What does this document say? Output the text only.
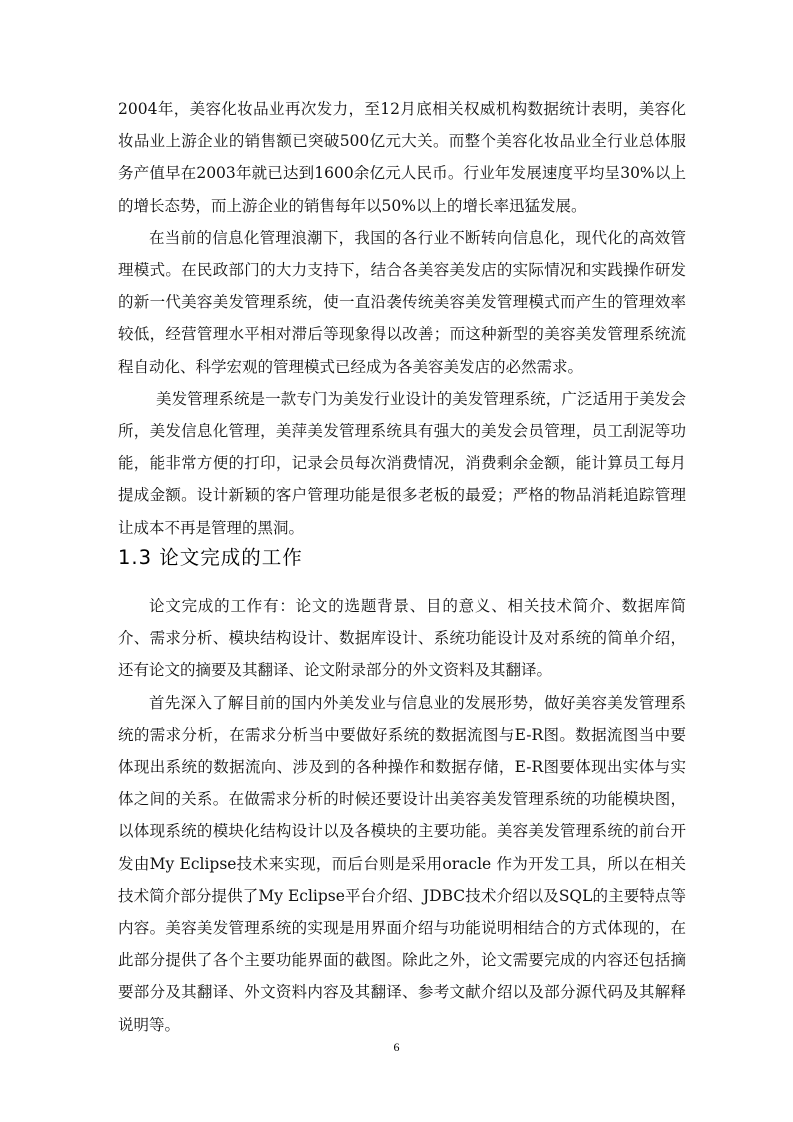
2004年，美容化妆品业再次发力，至12月底相关权威机构数据统计表明，美容化妆品业上游企业的销售额已突破500亿元大关。而整个美容化妆品业全行业总体服务产值早在2003年就已达到1600余亿元人民币。行业年发展速度平均呈30%以上的增长态势，而上游企业的销售每年以50%以上的增长率迅猛发展。

在当前的信息化管理浪潮下，我国的各行业不断转向信息化，现代化的高效管理模式。在民政部门的大力支持下，结合各美容美发店的实际情况和实践操作研发的新一代美容美发管理系统，使一直沿袭传统美容美发管理模式而产生的管理效率较低，经营管理水平相对滞后等现象得以改善；而这种新型的美容美发管理系统流程自动化、科学宏观的管理模式已经成为各美容美发店的必然需求。

美发管理系统是一款专门为美发行业设计的美发管理系统，广泛适用于美发会所，美发信息化管理，美萍美发管理系统具有强大的美发会员管理，员工刮泥等功能，能非常方便的打印，记录会员每次消费情况，消费剩余金额，能计算员工每月提成金额。设计新颖的客户管理功能是很多老板的最爱；严格的物品消耗追踪管理让成本不再是管理的黑洞。

1.3 论文完成的工作

论文完成的工作有：论文的选题背景、目的意义、相关技术简介、数据库简介、需求分析、模块结构设计、数据库设计、系统功能设计及对系统的简单介绍，还有论文的摘要及其翻译、论文附录部分的外文资料及其翻译。

首先深入了解目前的国内外美发业与信息业的发展形势，做好美容美发管理系统的需求分析，在需求分析当中要做好系统的数据流图与E-R图。数据流图当中要体现出系统的数据流向、涉及到的各种操作和数据存储，E-R图要体现出实体与实体之间的关系。在做需求分析的时候还要设计出美容美发管理系统的功能模块图，以体现系统的模块化结构设计以及各模块的主要功能。美容美发管理系统的前台开发由My Eclipse技术来实现，而后台则是采用oracle 作为开发工具，所以在相关技术简介部分提供了My Eclipse平台介绍、JDBC技术介绍以及SQL的主要特点等内容。美容美发管理系统的实现是用界面介绍与功能说明相结合的方式体现的，在此部分提供了各个主要功能界面的截图。除此之外，论文需要完成的内容还包括摘要部分及其翻译、外文资料内容及其翻译、参考文献介绍以及部分源代码及其解释说明等。

6
